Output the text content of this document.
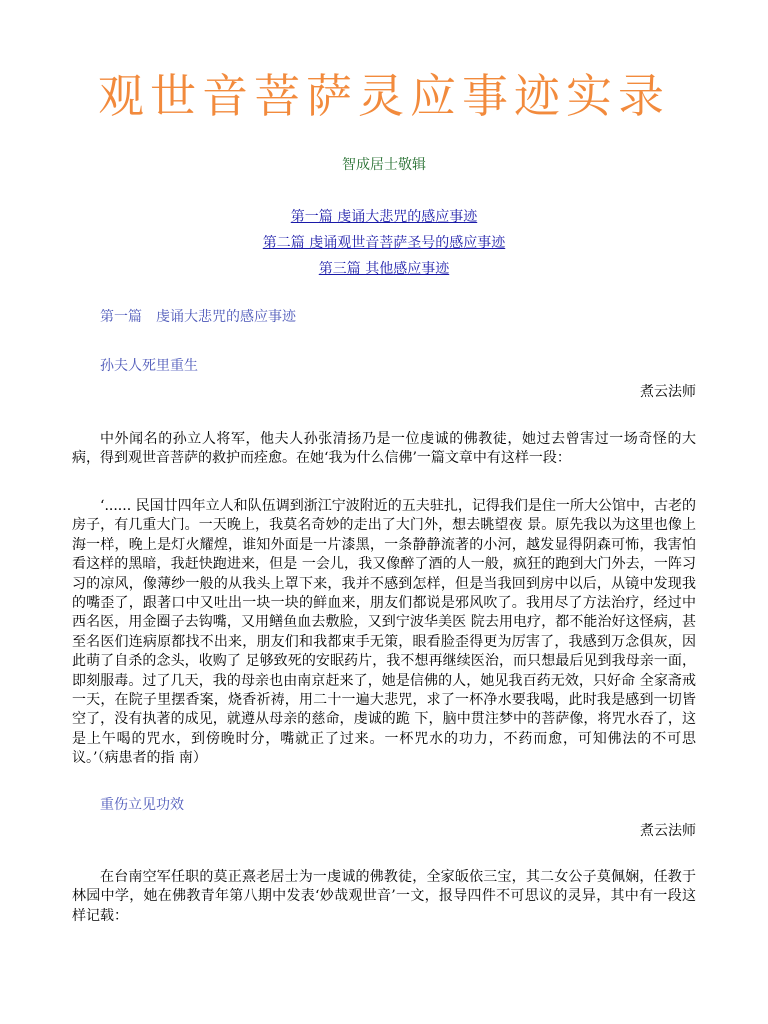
观世音菩萨灵应事迹实录
智成居士敬辑
第一篇 虔诵大悲咒的感应事迹
第二篇 虔诵观世音菩萨圣号的感应事迹
第三篇 其他感应事迹
第一篇　虔诵大悲咒的感应事迹
孙夫人死里重生
煮云法师

中外闻名的孙立人将军，他夫人孙张清扬乃是一位虔诚的佛教徒，她过去曾害过一场奇怪的大病，得到观世音菩萨的救护而痊愈。在她‘我为什么信佛’一篇文章中有这样一段：

‘...... 民国廿四年立人和队伍调到浙江宁波附近的五夫驻扎，记得我们是住一所大公馆中，古老的房子，有几重大门。一天晚上，我莫名奇妙的走出了大门外，想去眺望夜 景。原先我以为这里也像上海一样，晚上是灯火耀煌，谁知外面是一片漆黑，一条静静流著的小河，越发显得阴森可怖，我害怕看这样的黑暗，我赶快跑进来，但是 一会儿，我又像醉了酒的人一般，疯狂的跑到大门外去，一阵习习的凉风，像薄纱一般的从我头上罩下来，我并不感到怎样，但是当我回到房中以后，从镜中发现我 的嘴歪了，跟著口中又吐出一块一块的鲜血来，朋友们都说是邪风吹了。我用尽了方法治疗，经过中西名医，用金圈子去钩嘴，又用鳝鱼血去敷脸，又到宁波华美医 院去用电疗，都不能治好这怪病，甚至名医们连病原都找不出来，朋友们和我都束手无策，眼看脸歪得更为厉害了，我感到万念俱灰，因此萌了自杀的念头，收购了 足够致死的安眠药片，我不想再继续医治，而只想最后见到我母亲一面，即刻服毒。过了几天，我的母亲也由南京赶来了，她是信佛的人，她见我百药无效，只好命 全家斋戒一天，在院子里摆香案，烧香祈祷，用二十一遍大悲咒，求了一杯净水要我喝，此时我是感到一切皆空了，没有执著的成见，就遵从母亲的慈命，虔诚的跪 下，脑中贯注梦中的菩萨像，将咒水吞了，这是上午喝的咒水，到傍晚时分，嘴就正了过来。一杯咒水的功力，不药而愈，可知佛法的不可思议。’（病患者的指 南）

重伤立见功效
煮云法师

在台南空军任职的莫正熹老居士为一虔诚的佛教徒，全家皈依三宝，其二女公子莫佩娴，任教于林园中学，她在佛教青年第八期中发表‘妙哉观世音’一文，报导四件不可思议的灵异，其中有一段这样记载：
